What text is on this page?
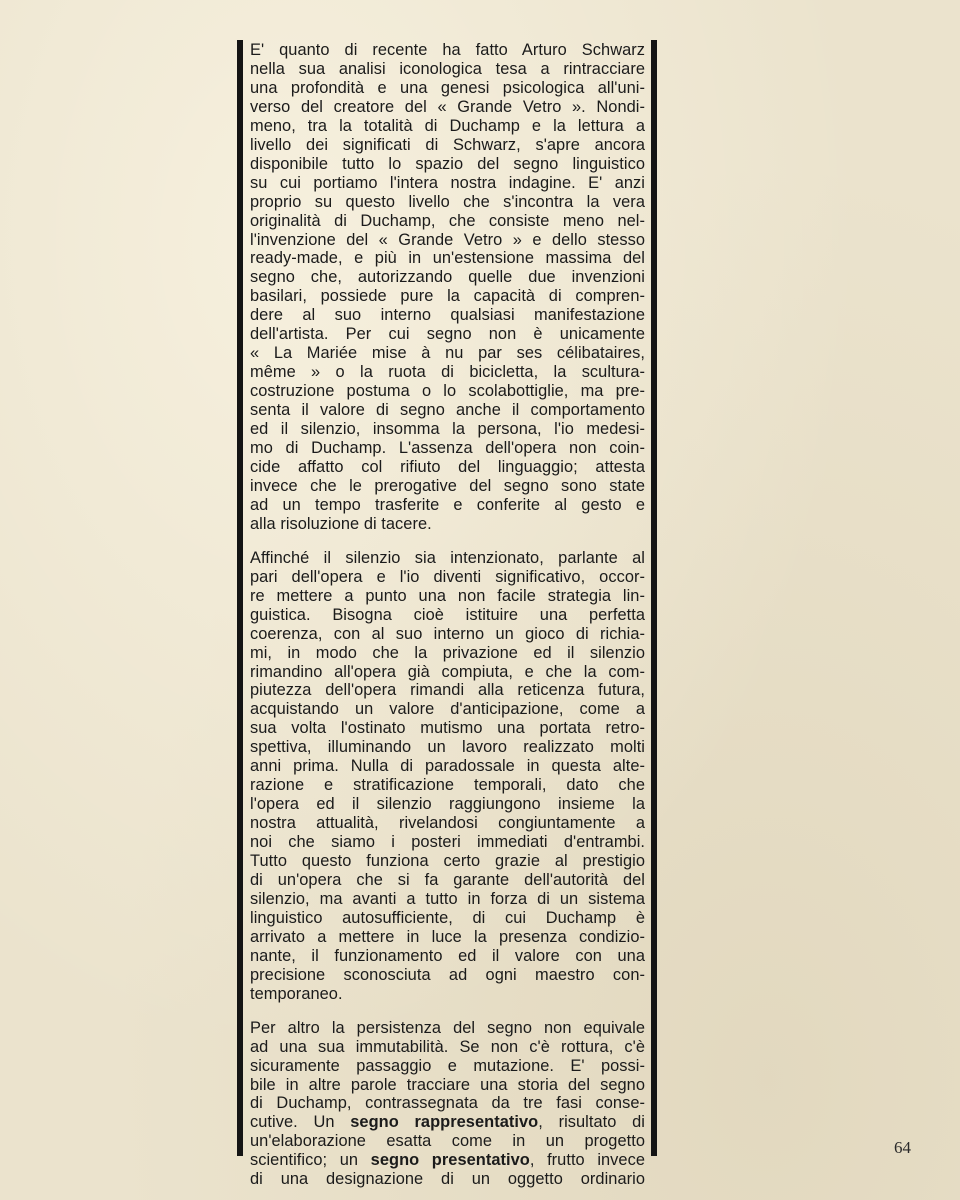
E' quanto di recente ha fatto Arturo Schwarz
nella sua analisi iconologica tesa a rintracciare
una profondità e una genesi psicologica all'uni-
verso del creatore del « Grande Vetro ». Nondi-
meno, tra la totalità di Duchamp e la lettura a
livello dei significati di Schwarz, s'apre ancora
disponibile tutto lo spazio del segno linguistico
su cui portiamo l'intera nostra indagine. E' anzi
proprio su questo livello che s'incontra la vera
originalità di Duchamp, che consiste meno nel-
l'invenzione del « Grande Vetro » e dello stesso
ready-made, e più in un'estensione massima del
segno che, autorizzando quelle due invenzioni
basilari, possiede pure la capacità di compren-
dere al suo interno qualsiasi manifestazione
dell'artista. Per cui segno non è unicamente
« La Mariée mise à nu par ses célibataires,
même » o la ruota di bicicletta, la scultura-
costruzione postuma o lo scolabottiglie, ma pre-
senta il valore di segno anche il comportamento
ed il silenzio, insomma la persona, l'io medesi-
mo di Duchamp. L'assenza dell'opera non coin-
cide affatto col rifiuto del linguaggio; attesta
invece che le prerogative del segno sono state
ad un tempo trasferite e conferite al gesto e
alla risoluzione di tacere.

Affinché il silenzio sia intenzionato, parlante al
pari dell'opera e l'io diventi significativo, occor-
re mettere a punto una non facile strategia lin-
guistica. Bisogna cioè istituire una perfetta
coerenza, con al suo interno un gioco di richia-
mi, in modo che la privazione ed il silenzio
rimandino all'opera già compiuta, e che la com-
piutezza dell'opera rimandi alla reticenza futura,
acquistando un valore d'anticipazione, come a
sua volta l'ostinato mutismo una portata retro-
spettiva, illuminando un lavoro realizzato molti
anni prima. Nulla di paradossale in questa alte-
razione e stratificazione temporali, dato che
l'opera ed il silenzio raggiungono insieme la
nostra attualità, rivelandosi congiuntamente a
noi che siamo i posteri immediati d'entrambi.
Tutto questo funziona certo grazie al prestigio
di un'opera che si fa garante dell'autorità del
silenzio, ma avanti a tutto in forza di un sistema
linguistico autosufficiente, di cui Duchamp è
arrivato a mettere in luce la presenza condizio-
nante, il funzionamento ed il valore con una
precisione sconosciuta ad ogni maestro con-
temporaneo.

Per altro la persistenza del segno non equivale
ad una sua immutabilità. Se non c'è rottura, c'è
sicuramente passaggio e mutazione. E' possi-
bile in altre parole tracciare una storia del segno
di Duchamp, contrassegnata da tre fasi conse-
cutive. Un segno rappresentativo, risultato di
un'elaborazione esatta come in un progetto
scientifico; un segno presentativo, frutto invece
di una designazione di un oggetto ordinario

64
